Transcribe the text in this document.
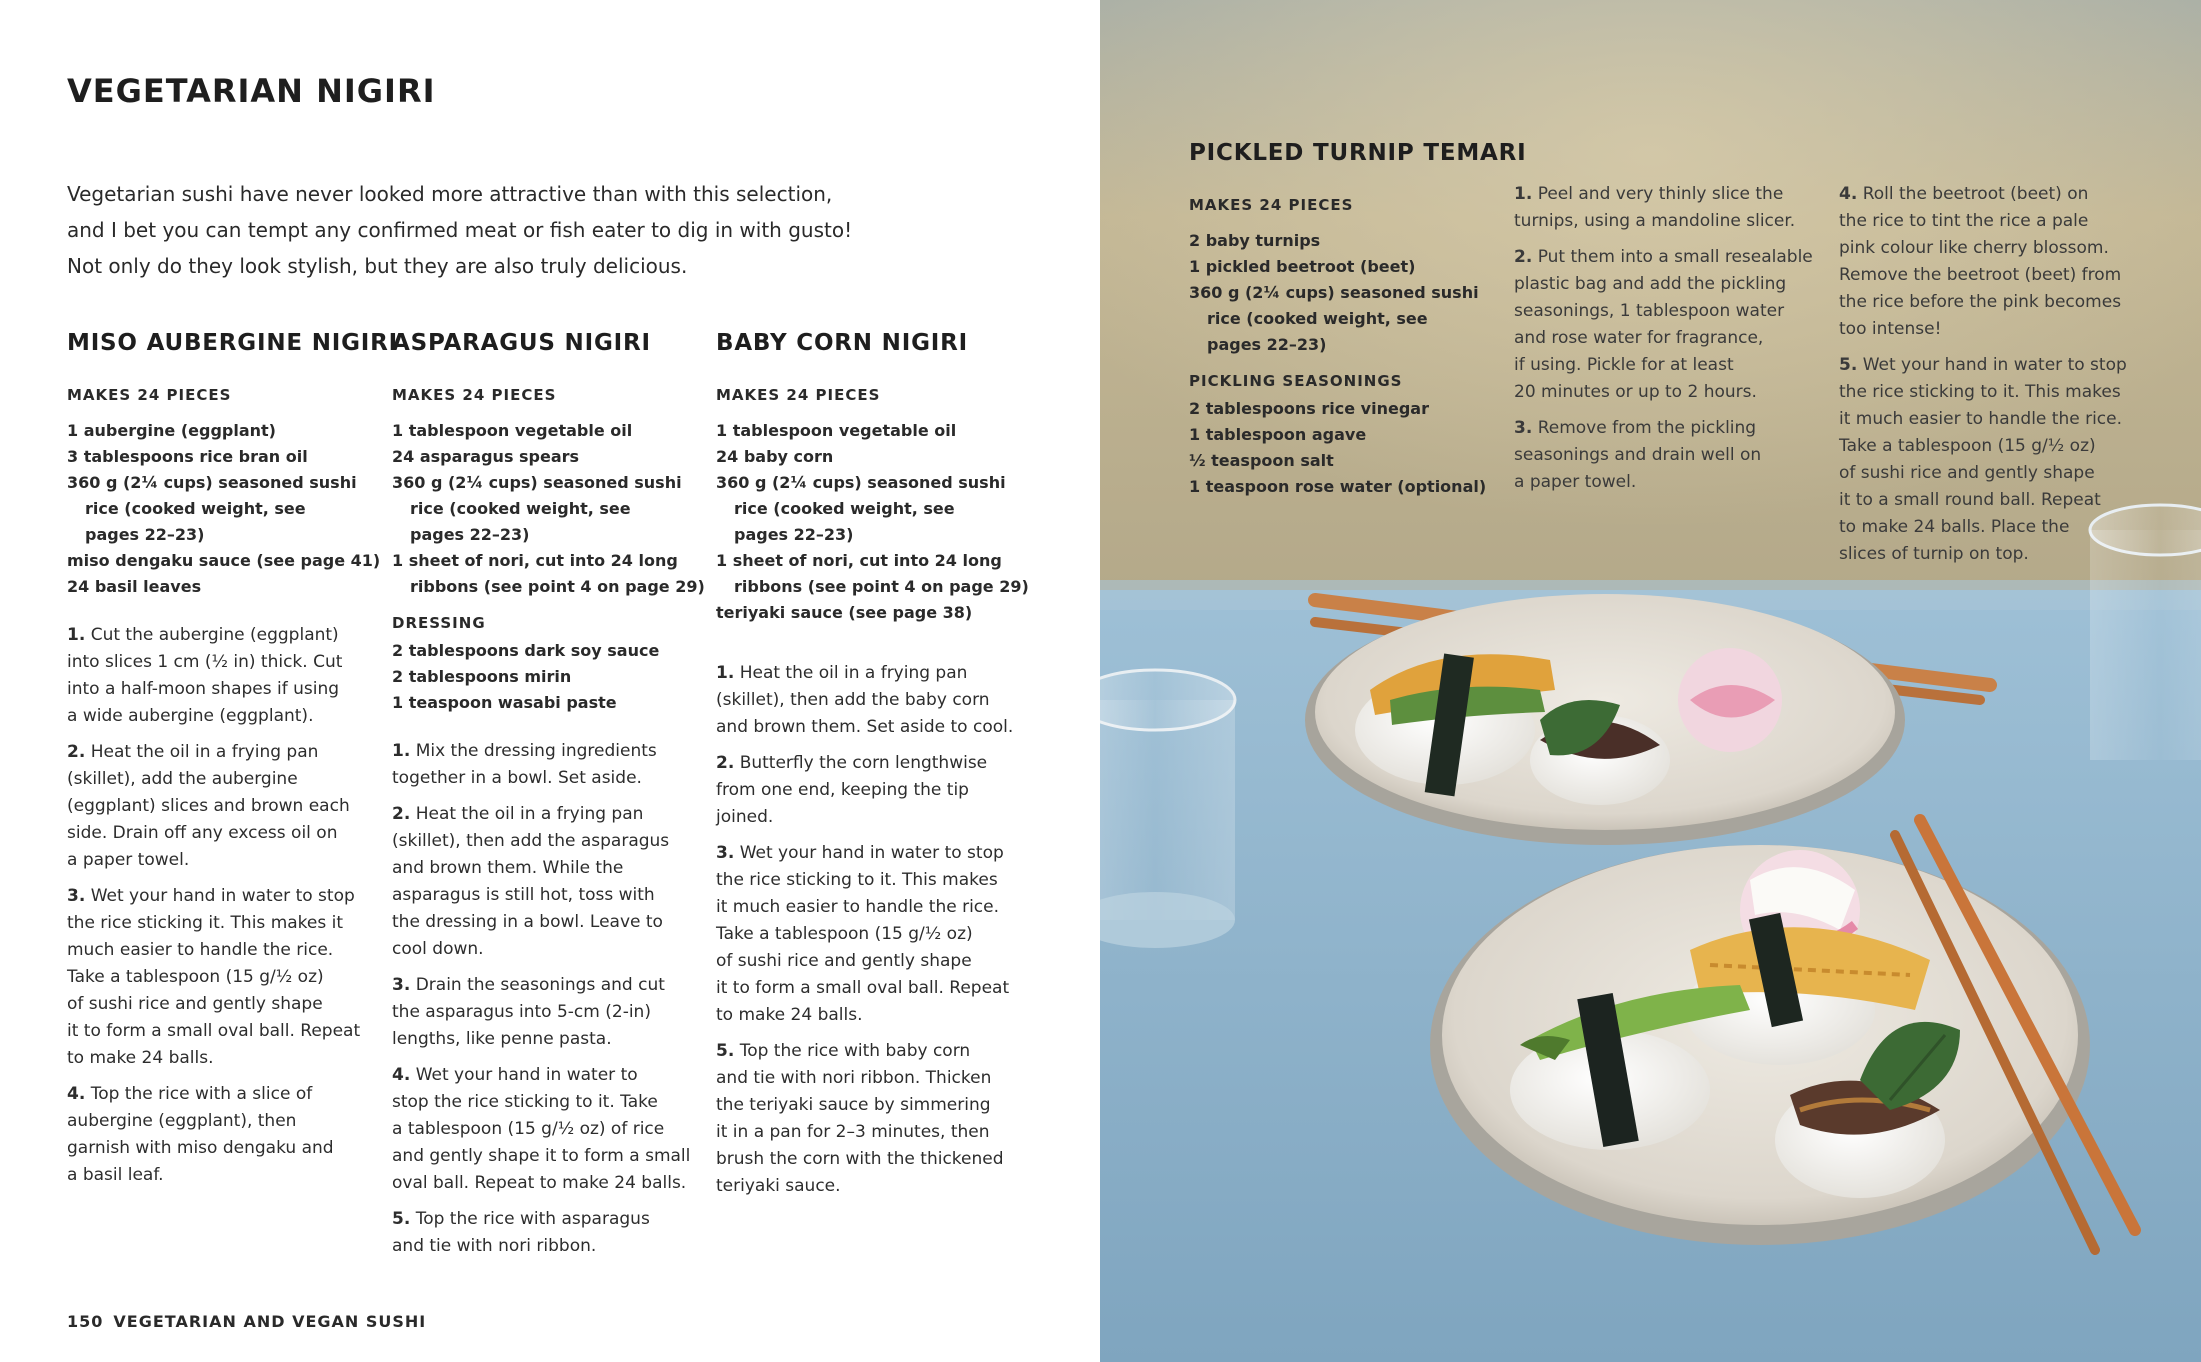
VEGETARIAN NIGIRI
Vegetarian sushi have never looked more attractive than with this selection,
and I bet you can tempt any confirmed meat or fish eater to dig in with gusto!
Not only do they look stylish, but they are also truly delicious.
MISO AUBERGINE NIGIRI
MAKES 24 PIECES
1 aubergine (eggplant)
3 tablespoons rice bran oil
360 g (2¼ cups) seasoned sushi
rice (cooked weight, see
pages 22–23)
miso dengaku sauce (see page 41)
24 basil leaves
1. Cut the aubergine (eggplant)
into slices 1 cm (½ in) thick. Cut
into a half-moon shapes if using
a wide aubergine (eggplant).
2. Heat the oil in a frying pan
(skillet), add the aubergine
(eggplant) slices and brown each
side. Drain off any excess oil on
a paper towel.
3. Wet your hand in water to stop
the rice sticking it. This makes it
much easier to handle the rice.
Take a tablespoon (15 g/½ oz)
of sushi rice and gently shape
it to form a small oval ball. Repeat
to make 24 balls.
4. Top the rice with a slice of
aubergine (eggplant), then
garnish with miso dengaku and
a basil leaf.
ASPARAGUS NIGIRI
MAKES 24 PIECES
1 tablespoon vegetable oil
24 asparagus spears
360 g (2¼ cups) seasoned sushi
rice (cooked weight, see
pages 22–23)
1 sheet of nori, cut into 24 long
ribbons (see point 4 on page 29)
DRESSING
2 tablespoons dark soy sauce
2 tablespoons mirin
1 teaspoon wasabi paste
1. Mix the dressing ingredients
together in a bowl. Set aside.
2. Heat the oil in a frying pan
(skillet), then add the asparagus
and brown them. While the
asparagus is still hot, toss with
the dressing in a bowl. Leave to
cool down.
3. Drain the seasonings and cut
the asparagus into 5-cm (2-in)
lengths, like penne pasta.
4. Wet your hand in water to
stop the rice sticking to it. Take
a tablespoon (15 g/½ oz) of rice
and gently shape it to form a small
oval ball. Repeat to make 24 balls.
5. Top the rice with asparagus
and tie with nori ribbon.
BABY CORN NIGIRI
MAKES 24 PIECES
1 tablespoon vegetable oil
24 baby corn
360 g (2¼ cups) seasoned sushi
rice (cooked weight, see
pages 22–23)
1 sheet of nori, cut into 24 long
ribbons (see point 4 on page 29)
teriyaki sauce (see page 38)
1. Heat the oil in a frying pan
(skillet), then add the baby corn
and brown them. Set aside to cool.
2. Butterfly the corn lengthwise
from one end, keeping the tip
joined.
3. Wet your hand in water to stop
the rice sticking to it. This makes
it much easier to handle the rice.
Take a tablespoon (15 g/½ oz)
of sushi rice and gently shape
it to form a small oval ball. Repeat
to make 24 balls.
5. Top the rice with baby corn
and tie with nori ribbon. Thicken
the teriyaki sauce by simmering
it in a pan for 2–3 minutes, then
brush the corn with the thickened
teriyaki sauce.
150 VEGETARIAN AND VEGAN SUSHI
PICKLED TURNIP TEMARI
MAKES 24 PIECES
2 baby turnips
1 pickled beetroot (beet)
360 g (2¼ cups) seasoned sushi
rice (cooked weight, see
pages 22–23)
PICKLING SEASONINGS
2 tablespoons rice vinegar
1 tablespoon agave
½ teaspoon salt
1 teaspoon rose water (optional)
1. Peel and very thinly slice the
turnips, using a mandoline slicer.
2. Put them into a small resealable
plastic bag and add the pickling
seasonings, 1 tablespoon water
and rose water for fragrance,
if using. Pickle for at least
20 minutes or up to 2 hours.
3. Remove from the pickling
seasonings and drain well on
a paper towel.
4. Roll the beetroot (beet) on
the rice to tint the rice a pale
pink colour like cherry blossom.
Remove the beetroot (beet) from
the rice before the pink becomes
too intense!
5. Wet your hand in water to stop
the rice sticking to it. This makes
it much easier to handle the rice.
Take a tablespoon (15 g/½ oz)
of sushi rice and gently shape
it to a small round ball. Repeat
to make 24 balls. Place the
slices of turnip on top.
